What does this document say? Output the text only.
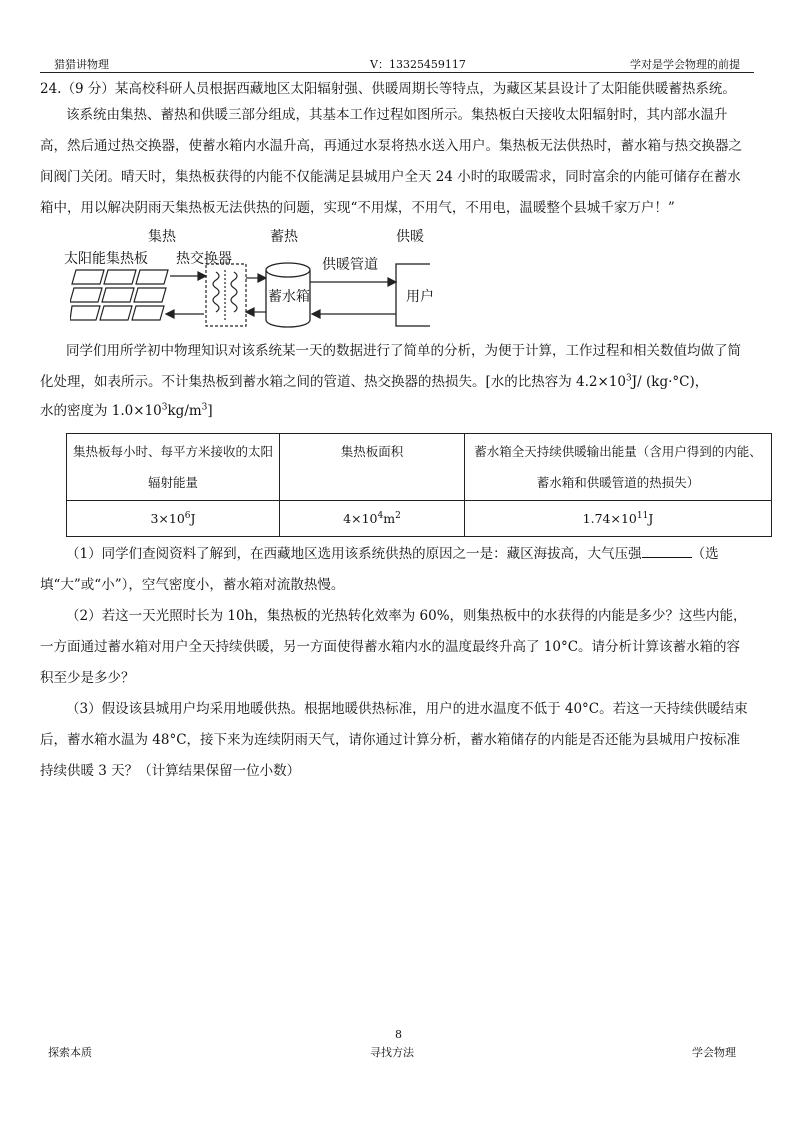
猎猎讲物理	V：13325459117	学对是学会物理的前提

24.（9 分）某高校科研人员根据西藏地区太阳辐射强、供暖周期长等特点，为藏区某县设计了太阳能供暖蓄热系统。

该系统由集热、蓄热和供暖三部分组成，其基本工作过程如图所示。集热板白天接收太阳辐射时，其内部水温升高，然后通过热交换器，使蓄水箱内水温升高，再通过水泵将热水送入用户。集热板无法供热时，蓄水箱与热交换器之间阀门关闭。晴天时，集热板获得的内能不仅能满足县城用户全天 24 小时的取暖需求，同时富余的内能可储存在蓄水箱中，用以解决阴雨天集热板无法供热的问题，实现“不用煤，不用气，不用电，温暖整个县城千家万户！”

集热	蓄热	供暖
太阳能集热板 热交换器	供暖管道
蓄水箱	用户

同学们用所学初中物理知识对该系统某一天的数据进行了简单的分析，为便于计算，工作过程和相关数值均做了简化处理，如表所示。不计集热板到蓄水箱之间的管道、热交换器的热损失。[水的比热容为 $4.2\times 10^3J/$ (kg·°C)，

水的密度为 $1.0\times 10^3kg/m^3$]

集热板每小时、每平方米接收的太阳辐射能量	集热板面积	蓄水箱全天持续供暖输出能量（含用户得到的内能、蓄水箱和供暖管道的热损失）
$3\times 10^6J$	$4\times 10^4m^2$	$1.74\times 10^{11}J$

（1）同学们查阅资料了解到，在西藏地区选用该系统供热的原因之一是：藏区海拔高，大气压强	（选填“大”或“小”），空气密度小，蓄水箱对流散热慢。

（2）若这一天光照时长为 10h，集热板的光热转化效率为 60%，则集热板中的水获得的内能是多少？这些内能，一方面通过蓄水箱对用户全天持续供暖，另一方面使得蓄水箱内水的温度最终升高了 10°C。请分析计算该蓄水箱的容积至少是多少？

（3）假设该县城用户均采用地暖供热。根据地暖供热标准，用户的进水温度不低于 40°C。若这一天持续供暖结束后，蓄水箱水温为 48°C，接下来为连续阴雨天气，请你通过计算分析，蓄水箱储存的内能是否还能为县城用户按标准持续供暖 3 天？（计算结果保留一位小数）

8
探索本质	寻找方法	学会物理
